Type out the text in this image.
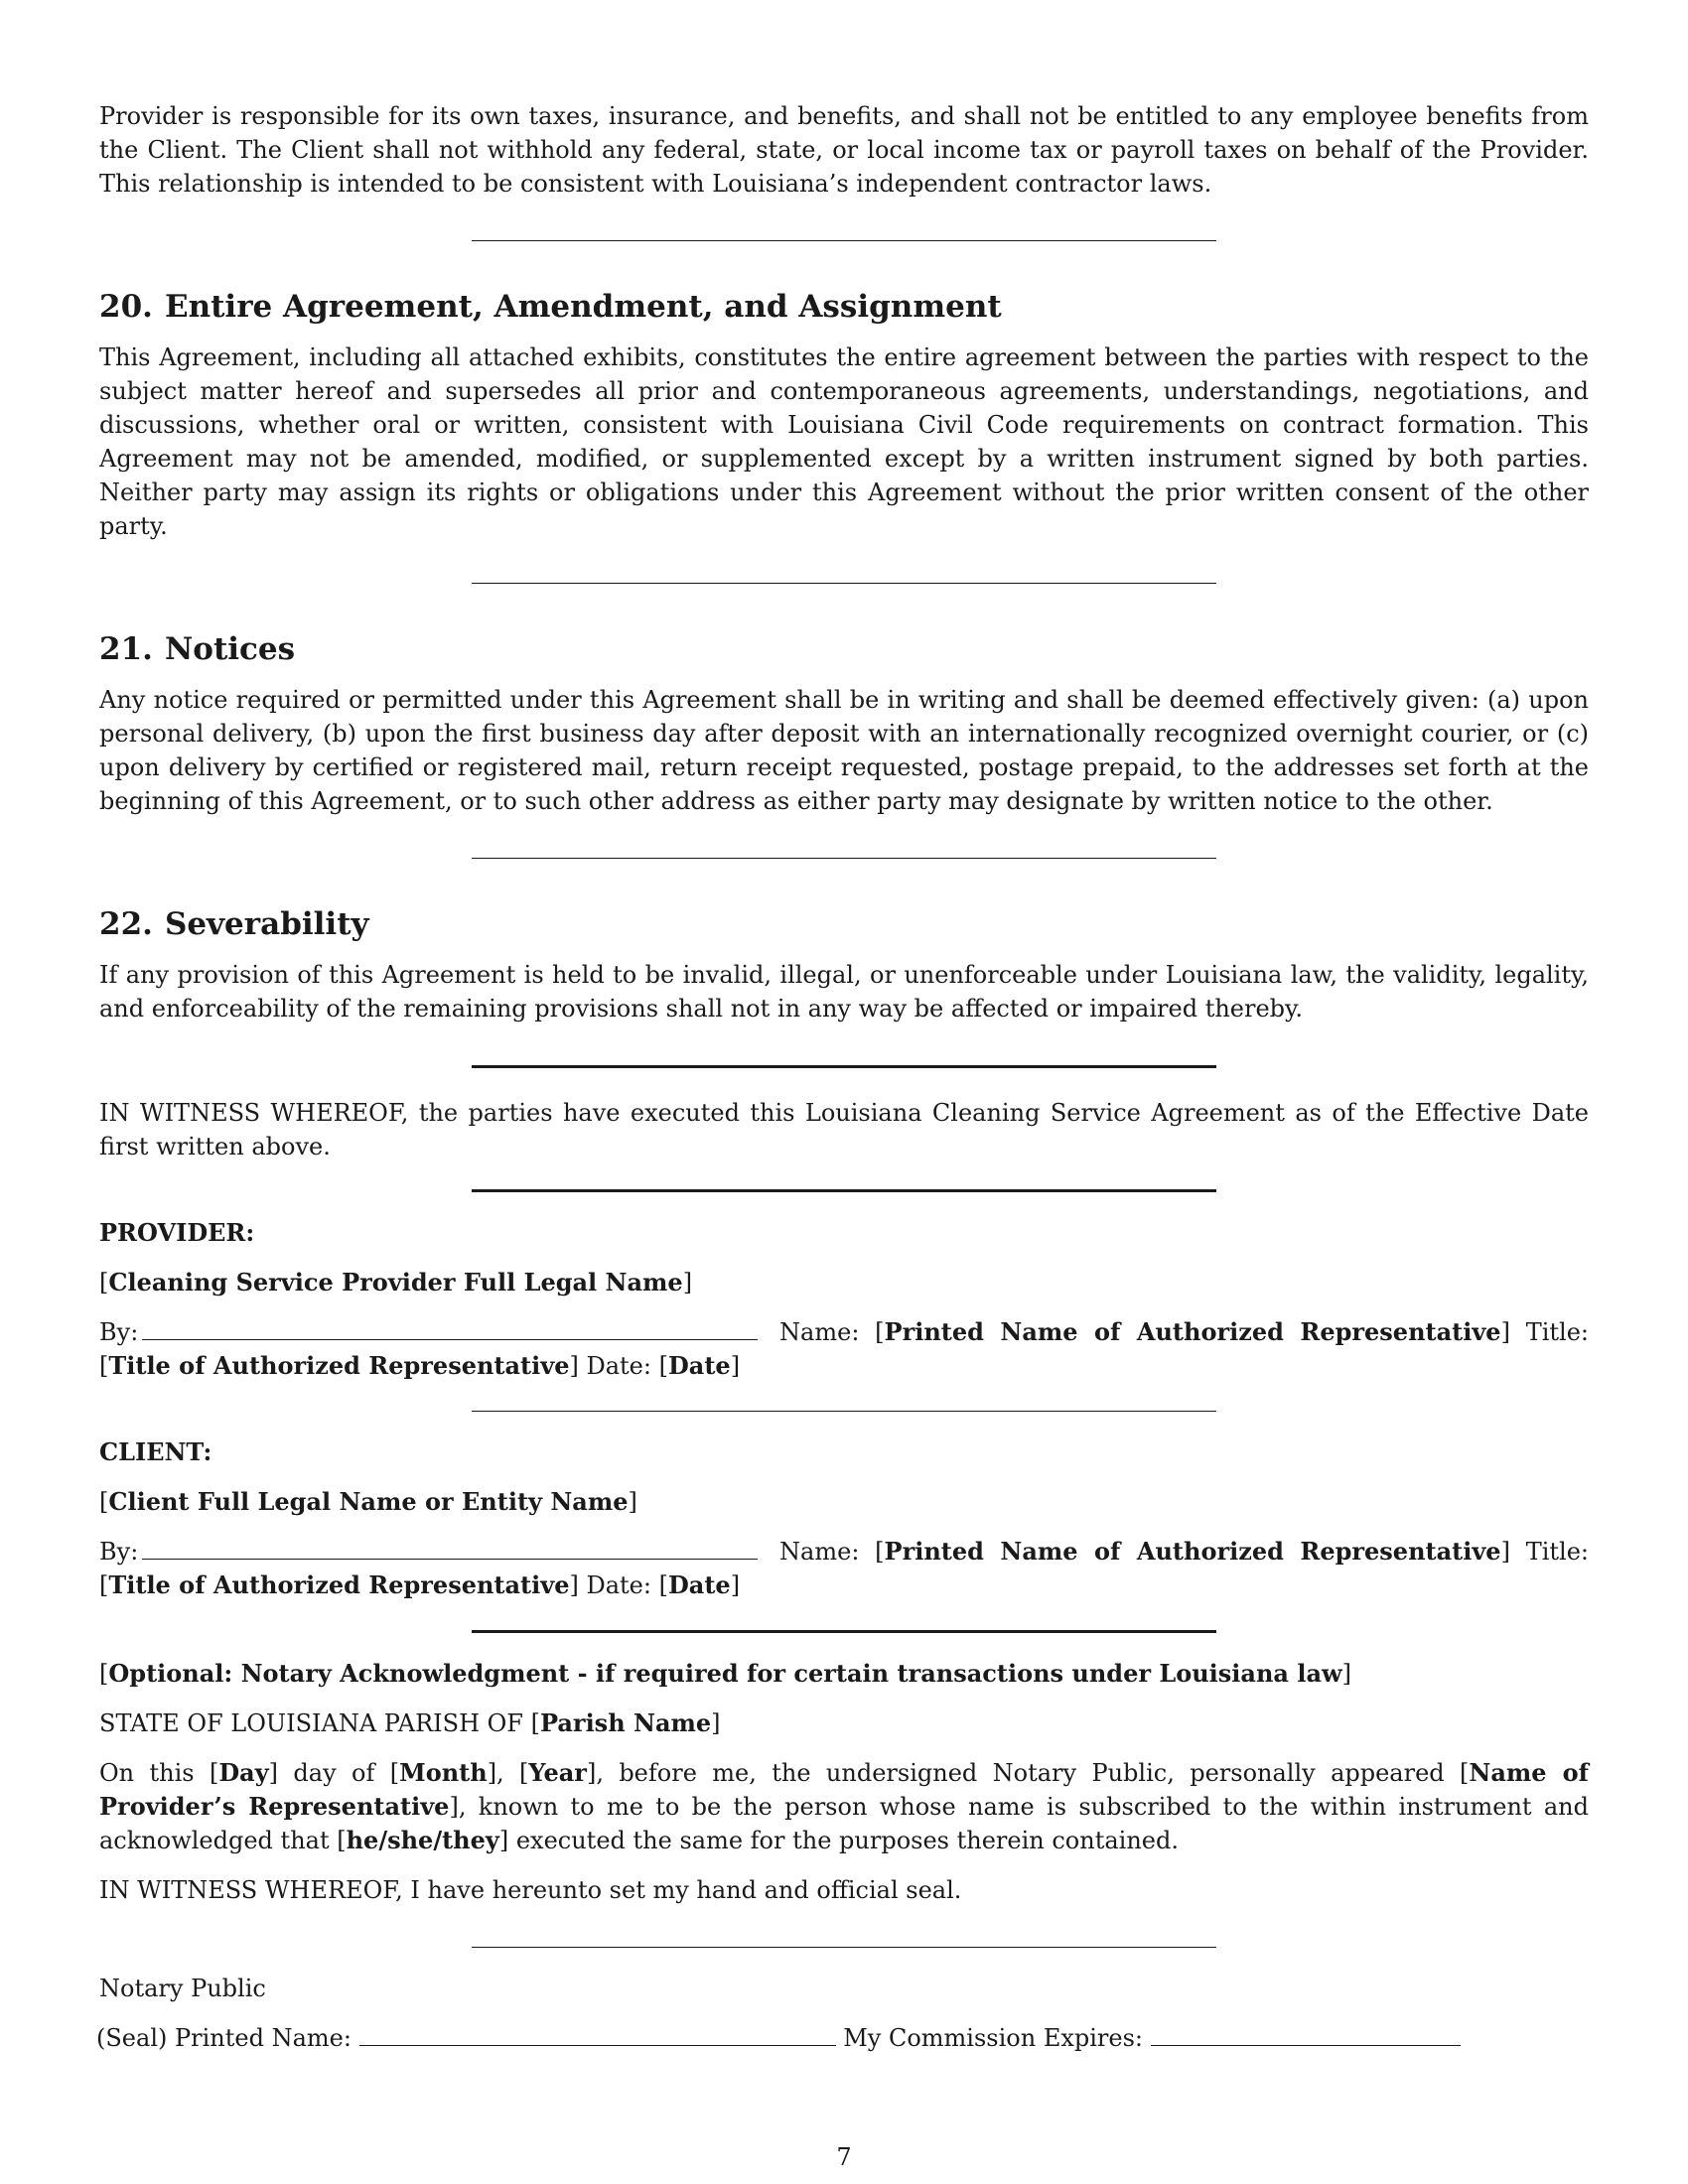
Provider is responsible for its own taxes, insurance, and benefits, and shall not be entitled to any employee benefits from the Client. The Client shall not withhold any federal, state, or local income tax or payroll taxes on behalf of the Provider. This relationship is intended to be consistent with Louisiana’s independent contractor laws.

20. Entire Agreement, Amendment, and Assignment

This Agreement, including all attached exhibits, constitutes the entire agreement between the parties with respect to the subject matter hereof and supersedes all prior and contemporaneous agreements, understandings, negotiations, and discussions, whether oral or written, consistent with Louisiana Civil Code requirements on contract formation. This Agreement may not be amended, modified, or supplemented except by a written instrument signed by both parties. Neither party may assign its rights or obligations under this Agreement without the prior written consent of the other party.

21. Notices

Any notice required or permitted under this Agreement shall be in writing and shall be deemed effectively given: (a) upon personal delivery, (b) upon the first business day after deposit with an internationally recognized overnight courier, or (c) upon delivery by certified or registered mail, return receipt requested, postage prepaid, to the addresses set forth at the beginning of this Agreement, or to such other address as either party may designate by written notice to the other.

22. Severability

If any provision of this Agreement is held to be invalid, illegal, or unenforceable under Louisiana law, the validity, legality, and enforceability of the remaining provisions shall not in any way be affected or impaired thereby.

IN WITNESS WHEREOF, the parties have executed this Louisiana Cleaning Service Agreement as of the Effective Date first written above.

PROVIDER:

[Cleaning Service Provider Full Legal Name]

By:	Name: [Printed Name of Authorized Representative] Title: [Title of Authorized Representative] Date: [Date]

CLIENT:

[Client Full Legal Name or Entity Name]

By:	Name: [Printed Name of Authorized Representative] Title: [Title of Authorized Representative] Date: [Date]

[Optional: Notary Acknowledgment - if required for certain transactions under Louisiana law]

STATE OF LOUISIANA PARISH OF [Parish Name]

On this [Day] day of [Month], [Year], before me, the undersigned Notary Public, personally appeared [Name of Provider’s Representative], known to me to be the person whose name is subscribed to the within instrument and acknowledged that [he/she/they] executed the same for the purposes therein contained.

IN WITNESS WHEREOF, I have hereunto set my hand and official seal.

Notary Public

(Seal) Printed Name:	My Commission Expires:

7
